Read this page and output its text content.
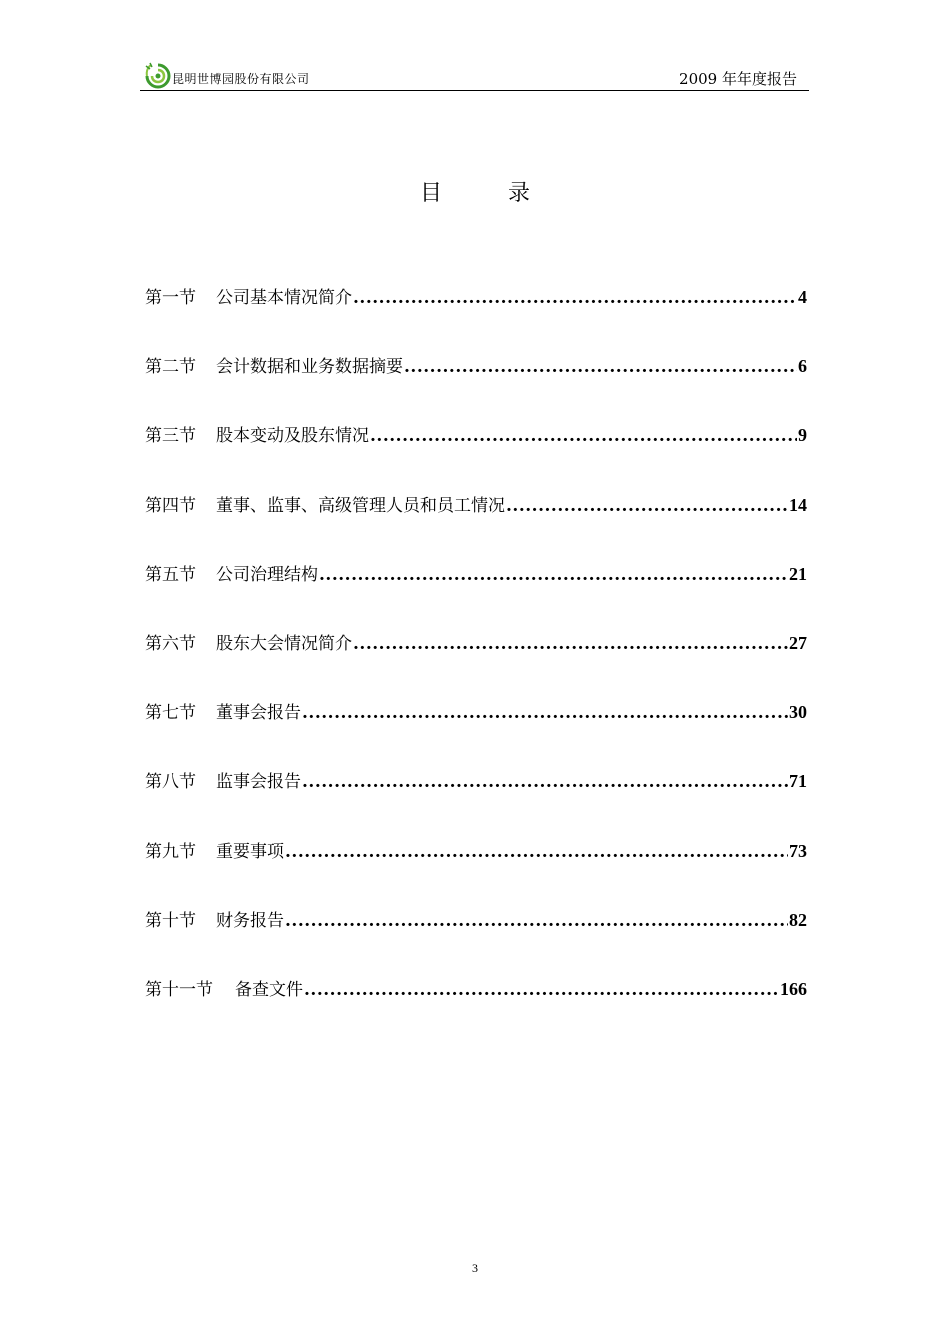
昆明世博园股份有限公司	2009 年年度报告
目　　　录
第一节 公司基本情况简介 .....	4
第二节 会计数据和业务数据摘要 .....	6
第三节 股本变动及股东情况 .....	9
第四节 董事、监事、高级管理人员和员工情况 .....	14
第五节 公司治理结构 .....	21
第六节 股东大会情况简介 .....	27
第七节 董事会报告 .....	30
第八节 监事会报告 .....	71
第九节 重要事项 .....	73
第十节 财务报告 .....	82
第十一节 备查文件 .....	166
3
